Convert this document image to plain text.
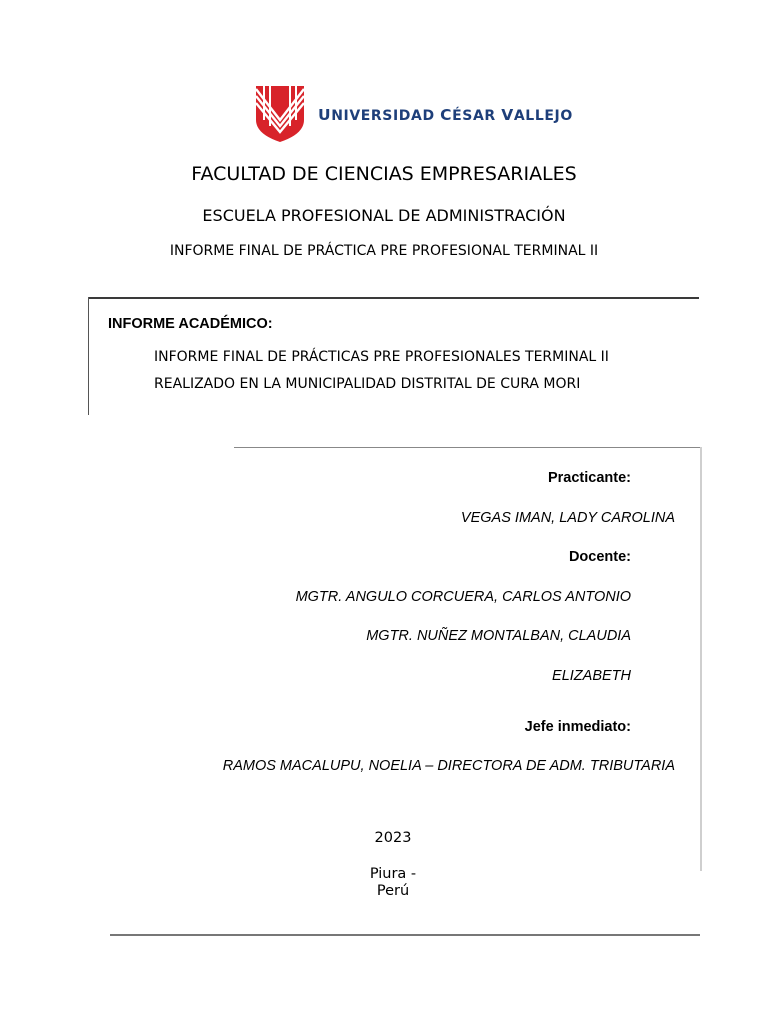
UNIVERSIDAD CÉSAR VALLEJO
FACULTAD DE CIENCIAS EMPRESARIALES
ESCUELA PROFESIONAL DE ADMINISTRACIÓN
INFORME FINAL DE PRÁCTICA PRE PROFESIONAL TERMINAL II
INFORME ACADÉMICO:
INFORME FINAL DE PRÁCTICAS PRE PROFESIONALES TERMINAL II
REALIZADO EN LA MUNICIPALIDAD DISTRITAL DE CURA MORI
Practicante:
VEGAS IMAN, LADY CAROLINA
Docente:
MGTR. ANGULO CORCUERA, CARLOS ANTONIO
MGTR. NUÑEZ MONTALBAN, CLAUDIA
ELIZABETH
Jefe inmediato:
RAMOS MACALUPU, NOELIA – DIRECTORA DE ADM. TRIBUTARIA
2023
Piura -
Perú
